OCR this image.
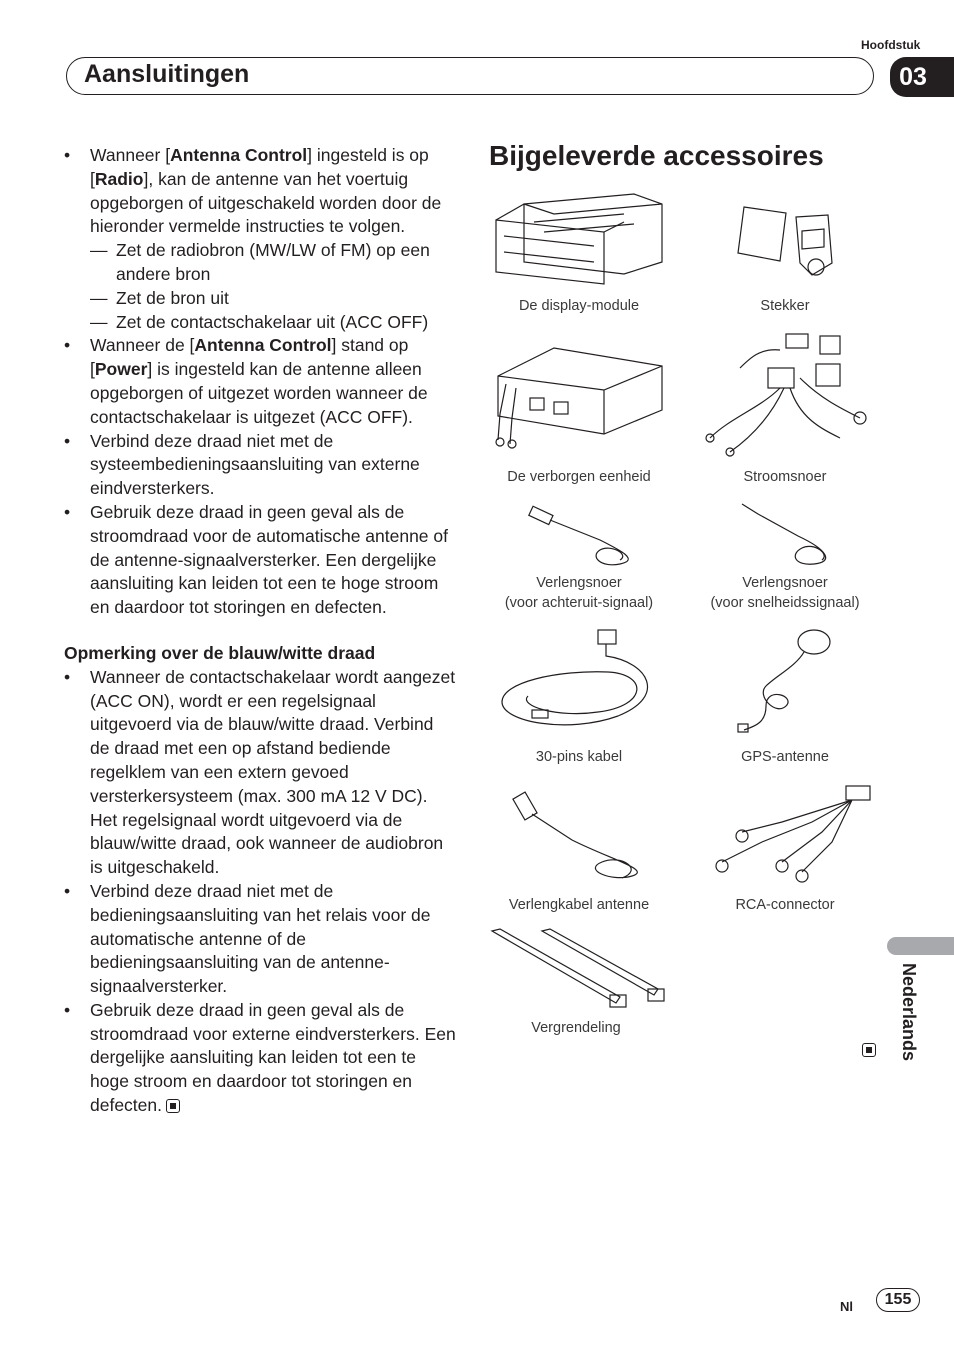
Hoofdstuk
Aansluitingen	03

• Wanneer [Antenna Control] ingesteld is op [Radio], kan de antenne van het voertuig opgeborgen of uitgeschakeld worden door de hieronder vermelde instructies te volgen.

— Zet de radiobron (MW/LW of FM) op een andere bron

— Zet de bron uit

— Zet de contactschakelaar uit (ACC OFF)

• Wanneer de [Antenna Control] stand op [Power] is ingesteld kan de antenne alleen opgeborgen of uitgezet worden wanneer de contactschakelaar is uitgezet (ACC OFF).

• Verbind deze draad niet met de systeembedieningsaansluiting van externe eindversterkers.

• Gebruik deze draad in geen geval als de stroomdraad voor de automatische antenne of de antenne-signaalversterker. Een dergelijke aansluiting kan leiden tot een te hoge stroom en daardoor tot storingen en defecten.

Opmerking over de blauw/witte draad

• Wanneer de contactschakelaar wordt aangezet (ACC ON), wordt er een regelsignaal uitgevoerd via de blauw/witte draad. Verbind de draad met een op afstand bediende regelklem van een extern gevoed versterkersysteem (max. 300 mA 12 V DC). Het regelsignaal wordt uitgevoerd via de blauw/witte draad, ook wanneer de audiobron is uitgeschakeld.

• Verbind deze draad niet met de bedieningsaansluiting van het relais voor de automatische antenne of de bedieningsaansluiting van de antenne-signaalversterker.

• Gebruik deze draad in geen geval als de stroomdraad voor externe eindversterkers. Een dergelijke aansluiting kan leiden tot een te hoge stroom en daardoor tot storingen en defecten.

Bijgeleverde accessoires
De display-module	Stekker
De verborgen eenheid	Stroomsnoer
Verlengsnoer
(voor achteruit-signaal)
Verlengsnoer
(voor snelheidssignaal)
30-pins kabel	GPS-antenne
Verlengkabel antenne	RCA-connector
Vergrendeling	Nederlands
Nl 155
